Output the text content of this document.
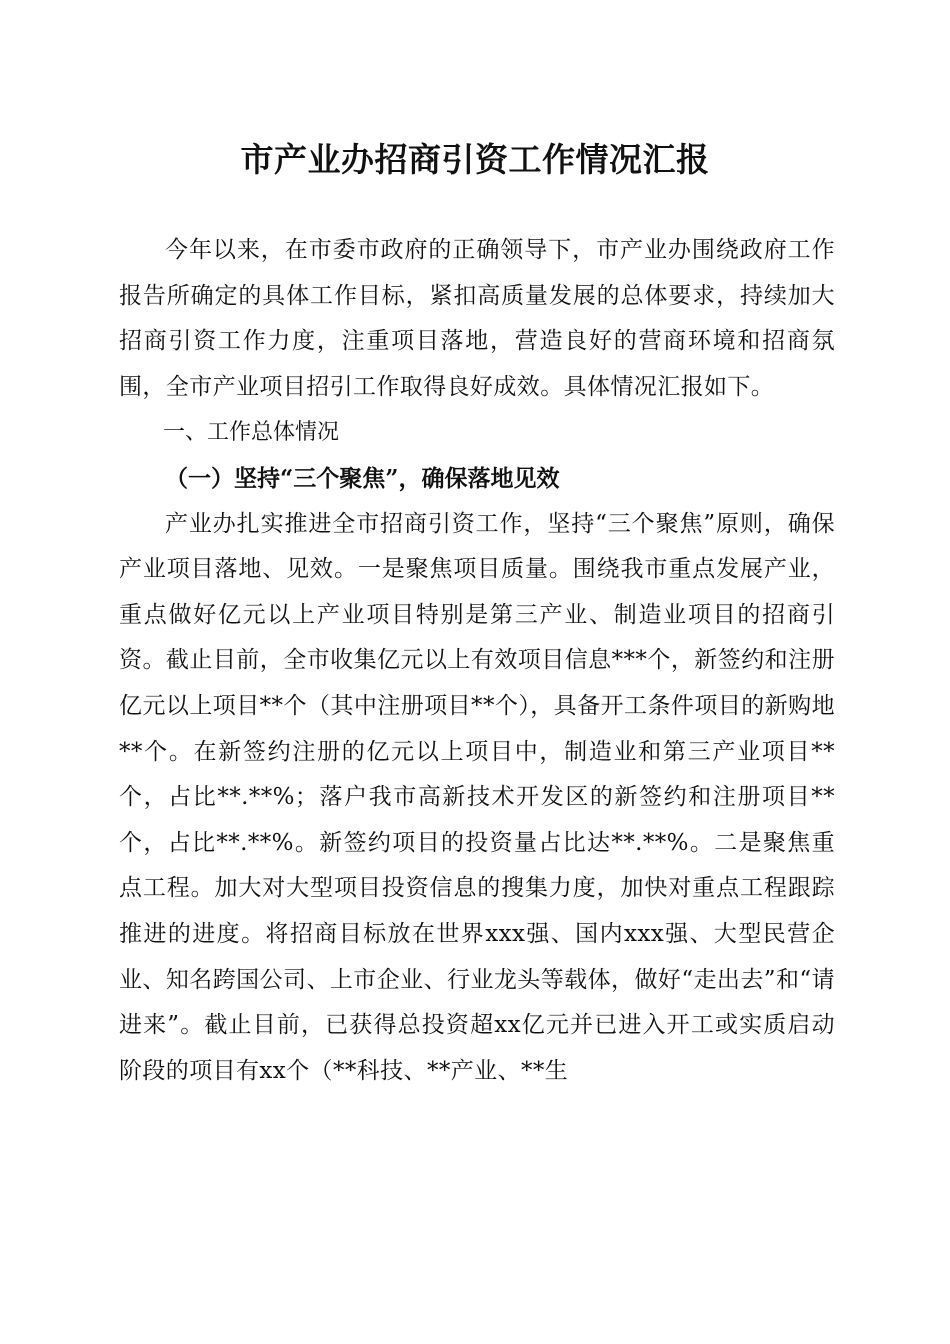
市产业办招商引资工作情况汇报

今年以来，在市委市政府的正确领导下，市产业办围绕政府工作报告所确定的具体工作目标，紧扣高质量发展的总体要求，持续加大招商引资工作力度，注重项目落地，营造良好的营商环境和招商氛围，全市产业项目招引工作取得良好成效。具体情况汇报如下。

一、工作总体情况

（一）坚持“三个聚焦”，确保落地见效

产业办扎实推进全市招商引资工作，坚持“三个聚焦”原则，确保产业项目落地、见效。一是聚焦项目质量。围绕我市重点发展产业，重点做好亿元以上产业项目特别是第三产业、制造业项目的招商引资。截止目前，全市收集亿元以上有效项目信息***个，新签约和注册亿元以上项目**个（其中注册项目**个），具备开工条件项目的新购地**个。在新签约注册的亿元以上项目中，制造业和第三产业项目**个，占比**.**%；落户我市高新技术开发区的新签约和注册项目**个，占比**.**%。新签约项目的投资量占比达**.**%。二是聚焦重点工程。加大对大型项目投资信息的搜集力度，加快对重点工程跟踪推进的进度。将招商目标放在世界xxx强、国内xxx强、大型民营企业、知名跨国公司、上市企业、行业龙头等载体，做好“走出去”和“请进来”。截止目前，已获得总投资超xx亿元并已进入开工或实质启动阶段的项目有xx个（**科技、**产业、**生
